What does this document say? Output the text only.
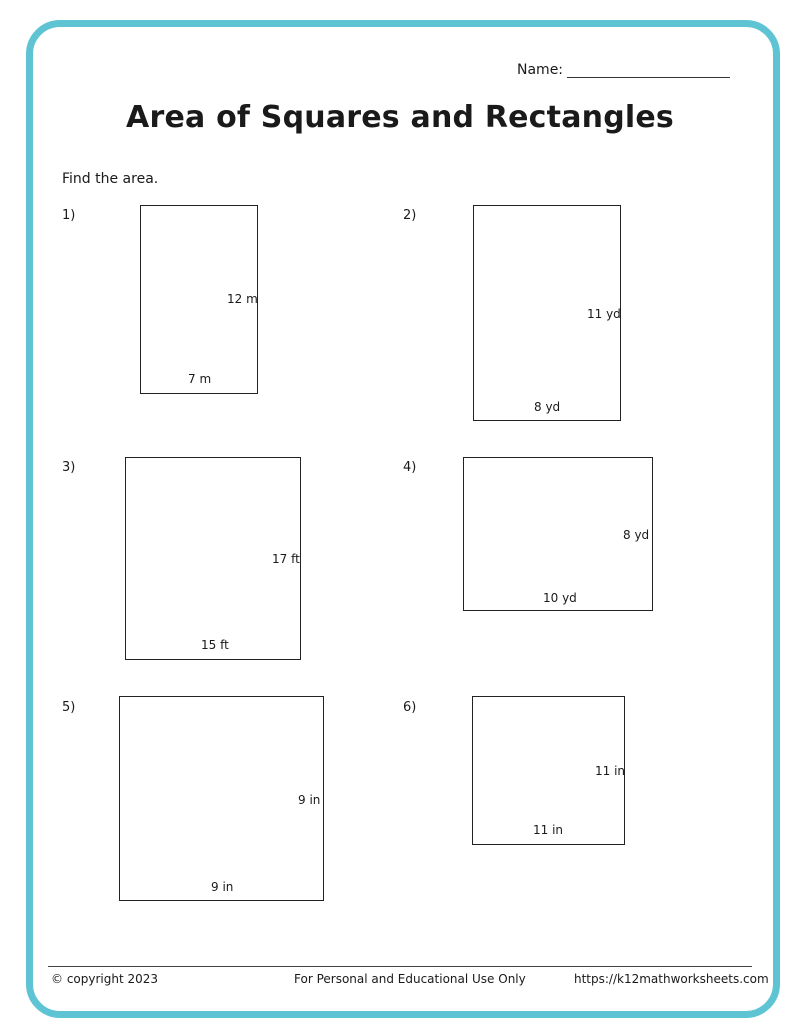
Name:
Area of Squares and Rectangles
Find the area.
1)
12 m
7 m
2)
11 yd
8 yd
3)
17 ft
15 ft
4)
8 yd
10 yd
5)
9 in
9 in
6)
11 in
11 in
© copyright 2023	For Personal and Educational Use Only	https://k12mathworksheets.com
